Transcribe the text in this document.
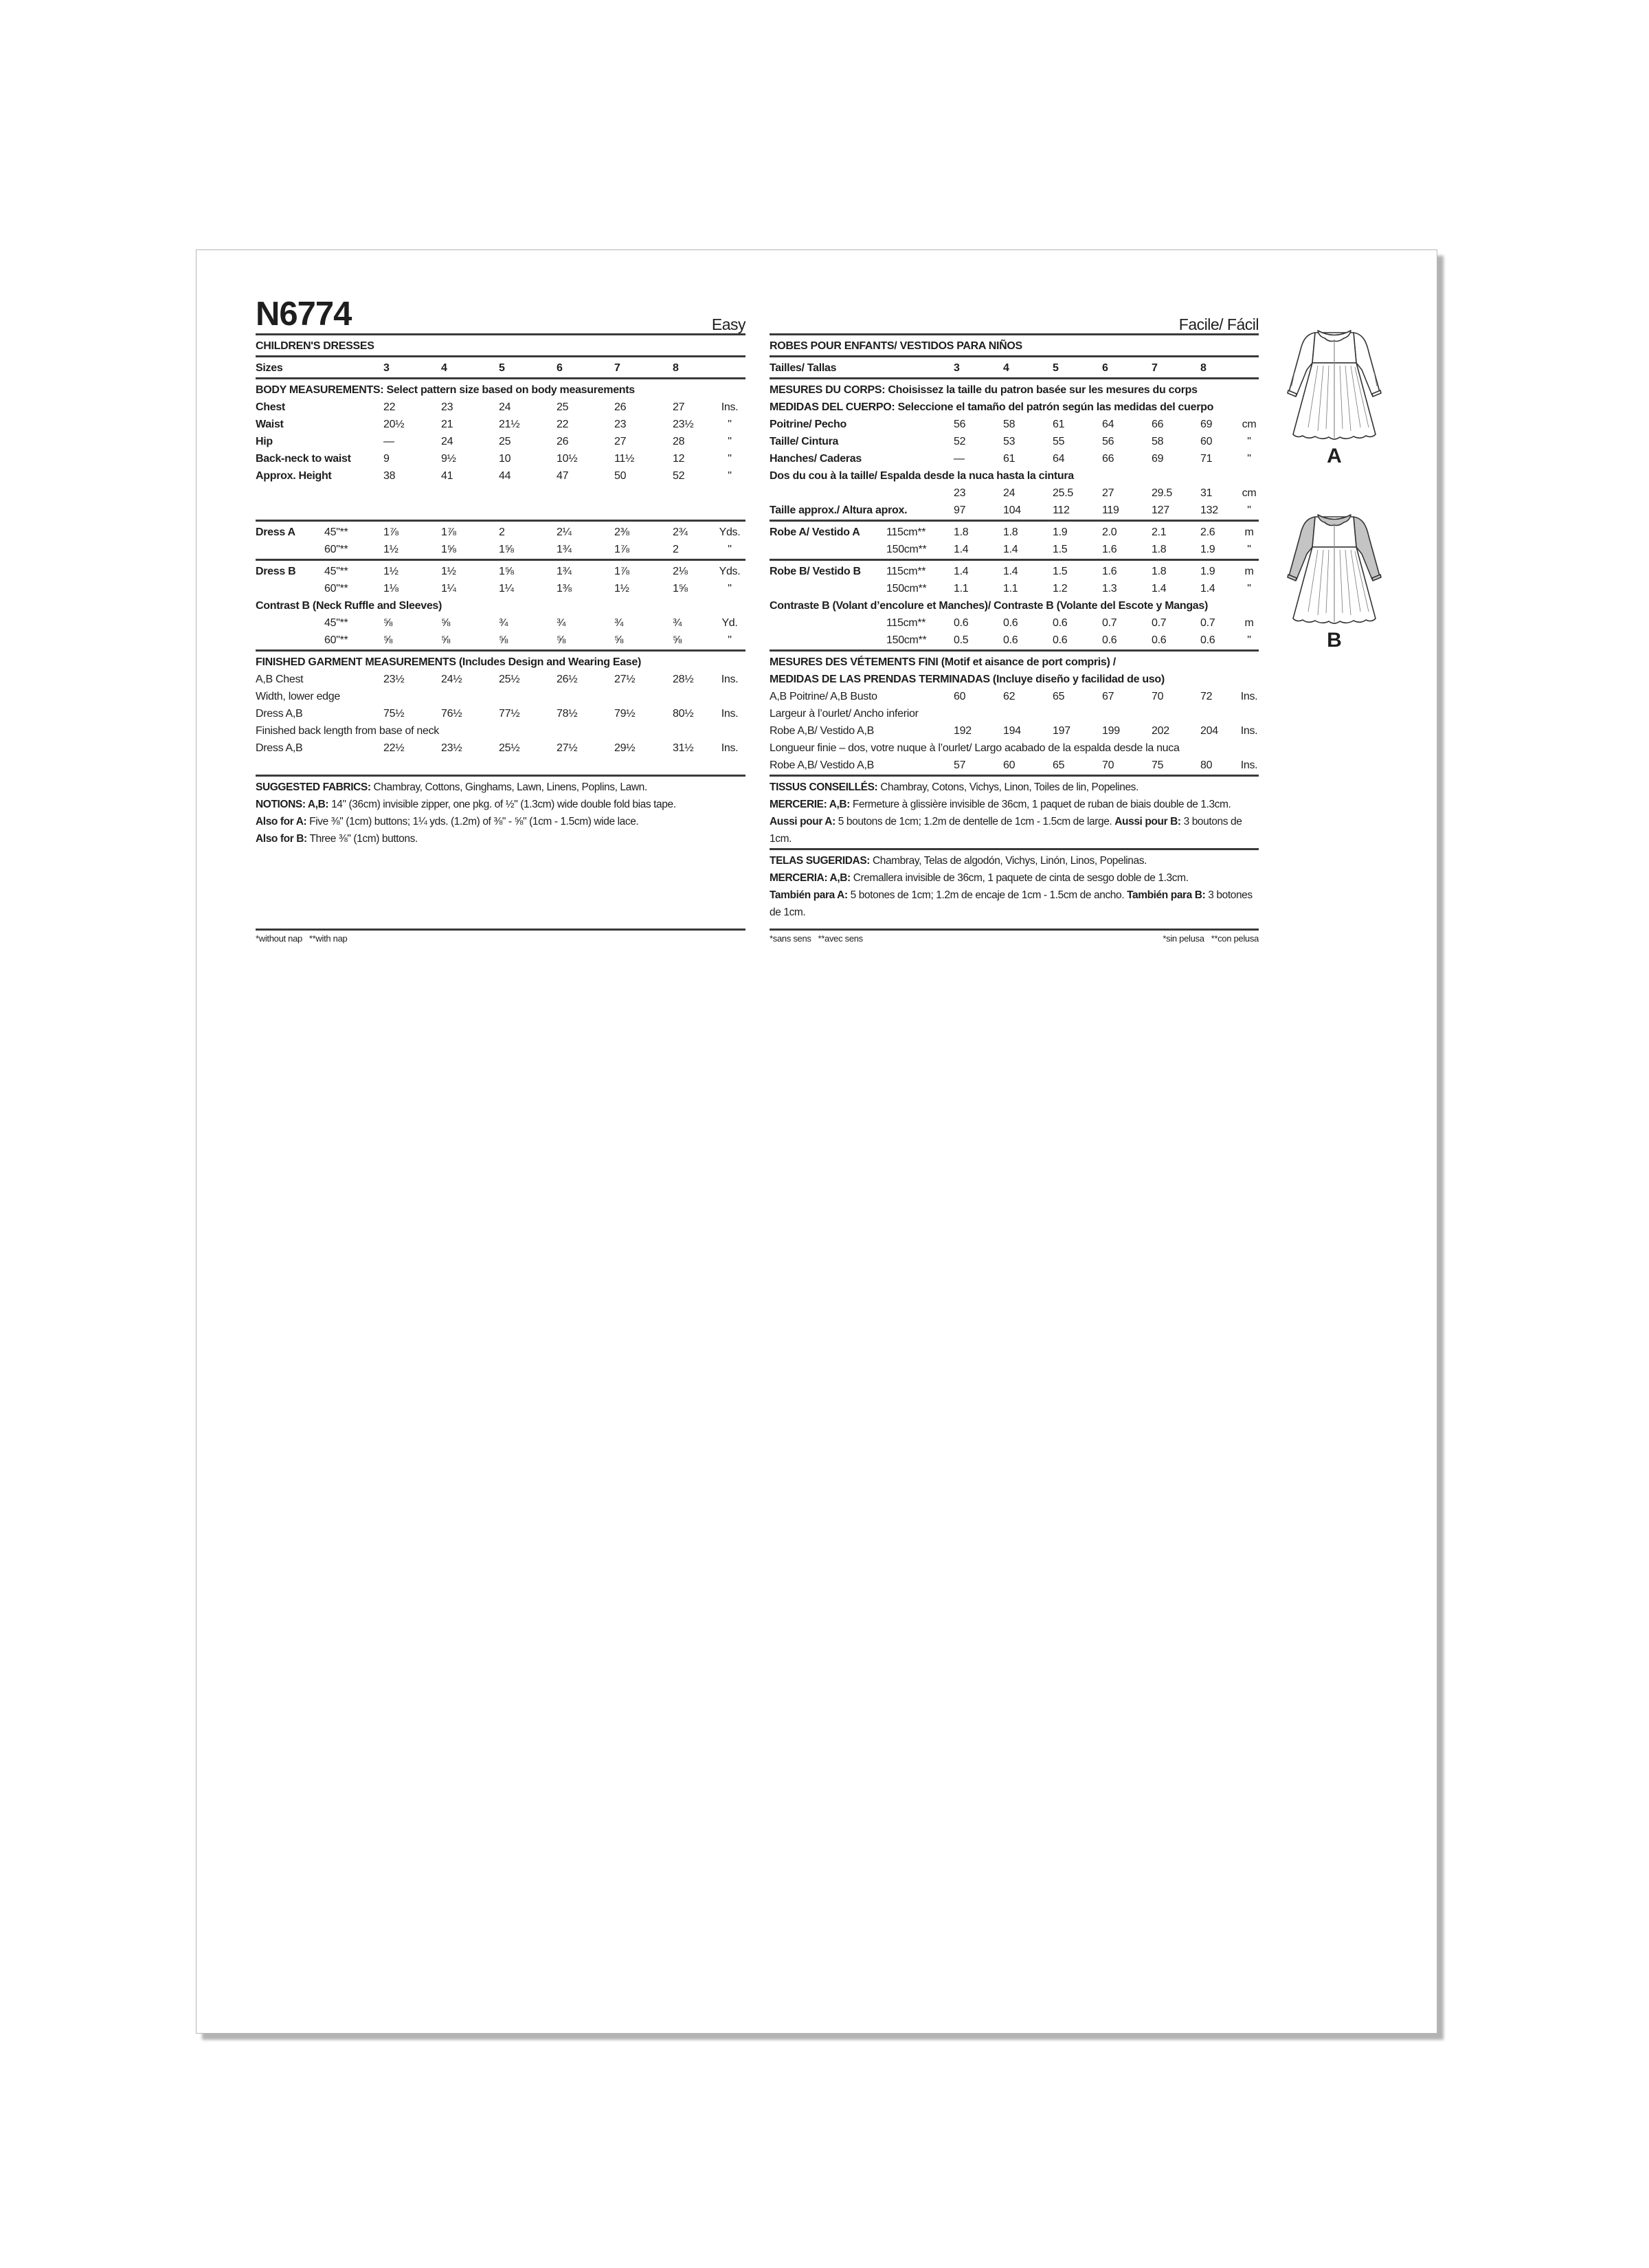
N6774	Easy
CHILDREN'S DRESSES
Sizes	3	4	5	6	7	8
BODY MEASUREMENTS: Select pattern size based on body measurements
Chest	22	23	24	25	26	27	Ins.
Waist	20½	21	21½	22	23	23½	"
Hip	—	24	25	26	27	28	"
Back-neck to waist	9	9½	10	10½	11½	12	"
Approx. Height	38	41	44	47	50	52	"
Dress A	45"**	1⅞	1⅞	2	2¼	2⅜	2¾	Yds.
60"**	1½	1⅝	1⅝	1¾	1⅞	2	"
Dress B	45"**	1½	1½	1⅝	1¾	1⅞	2⅛	Yds.
60"**	1⅛	1¼	1¼	1⅜	1½	1⅝	"
Contrast B (Neck Ruffle and Sleeves)
45"**	⅝	⅝	¾	¾	¾	¾	Yd.
60"**	⅝	⅝	⅝	⅝	⅝	⅝	"
FINISHED GARMENT MEASUREMENTS (Includes Design and Wearing Ease)
A,B Chest	23½	24½	25½	26½	27½	28½	Ins.
Width, lower edge
Dress A,B	75½	76½	77½	78½	79½	80½	Ins.
Finished back length from base of neck
Dress A,B	22½	23½	25½	27½	29½	31½	Ins.
SUGGESTED FABRICS: Chambray, Cottons, Ginghams, Lawn, Linens, Poplins, Lawn.
NOTIONS: A,B: 14" (36cm) invisible zipper, one pkg. of ½" (1.3cm) wide double fold bias tape.
Also for A: Five ⅜" (1cm) buttons; 1¼ yds. (1.2m) of ⅜" - ⅝" (1cm - 1.5cm) wide lace.
Also for B: Three ⅜" (1cm) buttons.
Facile/ Fácil
ROBES POUR ENFANTS/ VESTIDOS PARA NIÑOS
Tailles/ Tallas	3	4	5	6	7	8
MESURES DU CORPS: Choisissez la taille du patron basée sur les mesures du corps
MEDIDAS DEL CUERPO: Seleccione el tamaño del patrón según las medidas del cuerpo
Poitrine/ Pecho	56	58	61	64	66	69	cm
Taille/ Cintura	52	53	55	56	58	60	"
Hanches/ Caderas	—	61	64	66	69	71	"
Dos du cou à la taille/ Espalda desde la nuca hasta la cintura
23	24	25.5	27	29.5	31	cm
Taille approx./ Altura aprox.	97	104	112	119	127	132	"
Robe A/ Vestido A 115cm**	1.8	1.8	1.9	2.0	2.1	2.6	m
150cm** 1.4	1.4	1.5	1.6	1.8	1.9	"
Robe B/ Vestido B 115cm**	1.4	1.4	1.5	1.6	1.8	1.9	m
150cm** 1.1	1.1	1.2	1.3	1.4	1.4	"
Contraste B (Volant d’encolure et Manches)/ Contraste B (Volante del Escote y Mangas)
115cm**	0.6	0.6	0.6	0.7	0.7	0.7	m
150cm** 0.5	0.6	0.6	0.6	0.6	0.6	"
MESURES DES VÉTEMENTS FINI (Motif et aisance de port compris) /
MEDIDAS DE LAS PRENDAS TERMINADAS (Incluye diseño y facilidad de uso)
A,B Poitrine/ A,B Busto	60	62	65	67	70	72	Ins.
Largeur à l’ourlet/ Ancho inferior
Robe A,B/ Vestido A,B	192	194	197	199	202	204	Ins.
Longueur finie – dos, votre nuque à l’ourlet/ Largo acabado de la espalda desde la nuca
Robe A,B/ Vestido A,B	57	60	65	70	75	80	Ins.
TISSUS CONSEILLÉS: Chambray, Cotons, Vichys, Linon, Toiles de lin, Popelines.
MERCERIE: A,B: Fermeture à glissière invisible de 36cm, 1 paquet de ruban de biais double de 1.3cm. Aussi pour A: 5 boutons de 1cm; 1.2m de dentelle de 1cm - 1.5cm de large. Aussi pour B: 3 boutons de 1cm.
TELAS SUGERIDAS: Chambray, Telas de algodón, Vichys, Linón, Linos, Popelinas.
MERCERIA: A,B: Cremallera invisible de 36cm, 1 paquete de cinta de sesgo doble de 1.3cm.
También para A: 5 botones de 1cm; 1.2m de encaje de 1cm - 1.5cm de ancho. También para B: 3 botones de 1cm.
*without nap   **with nap	*sans sens   **avec sens	*sin pelusa   **con pelusa
A
B
